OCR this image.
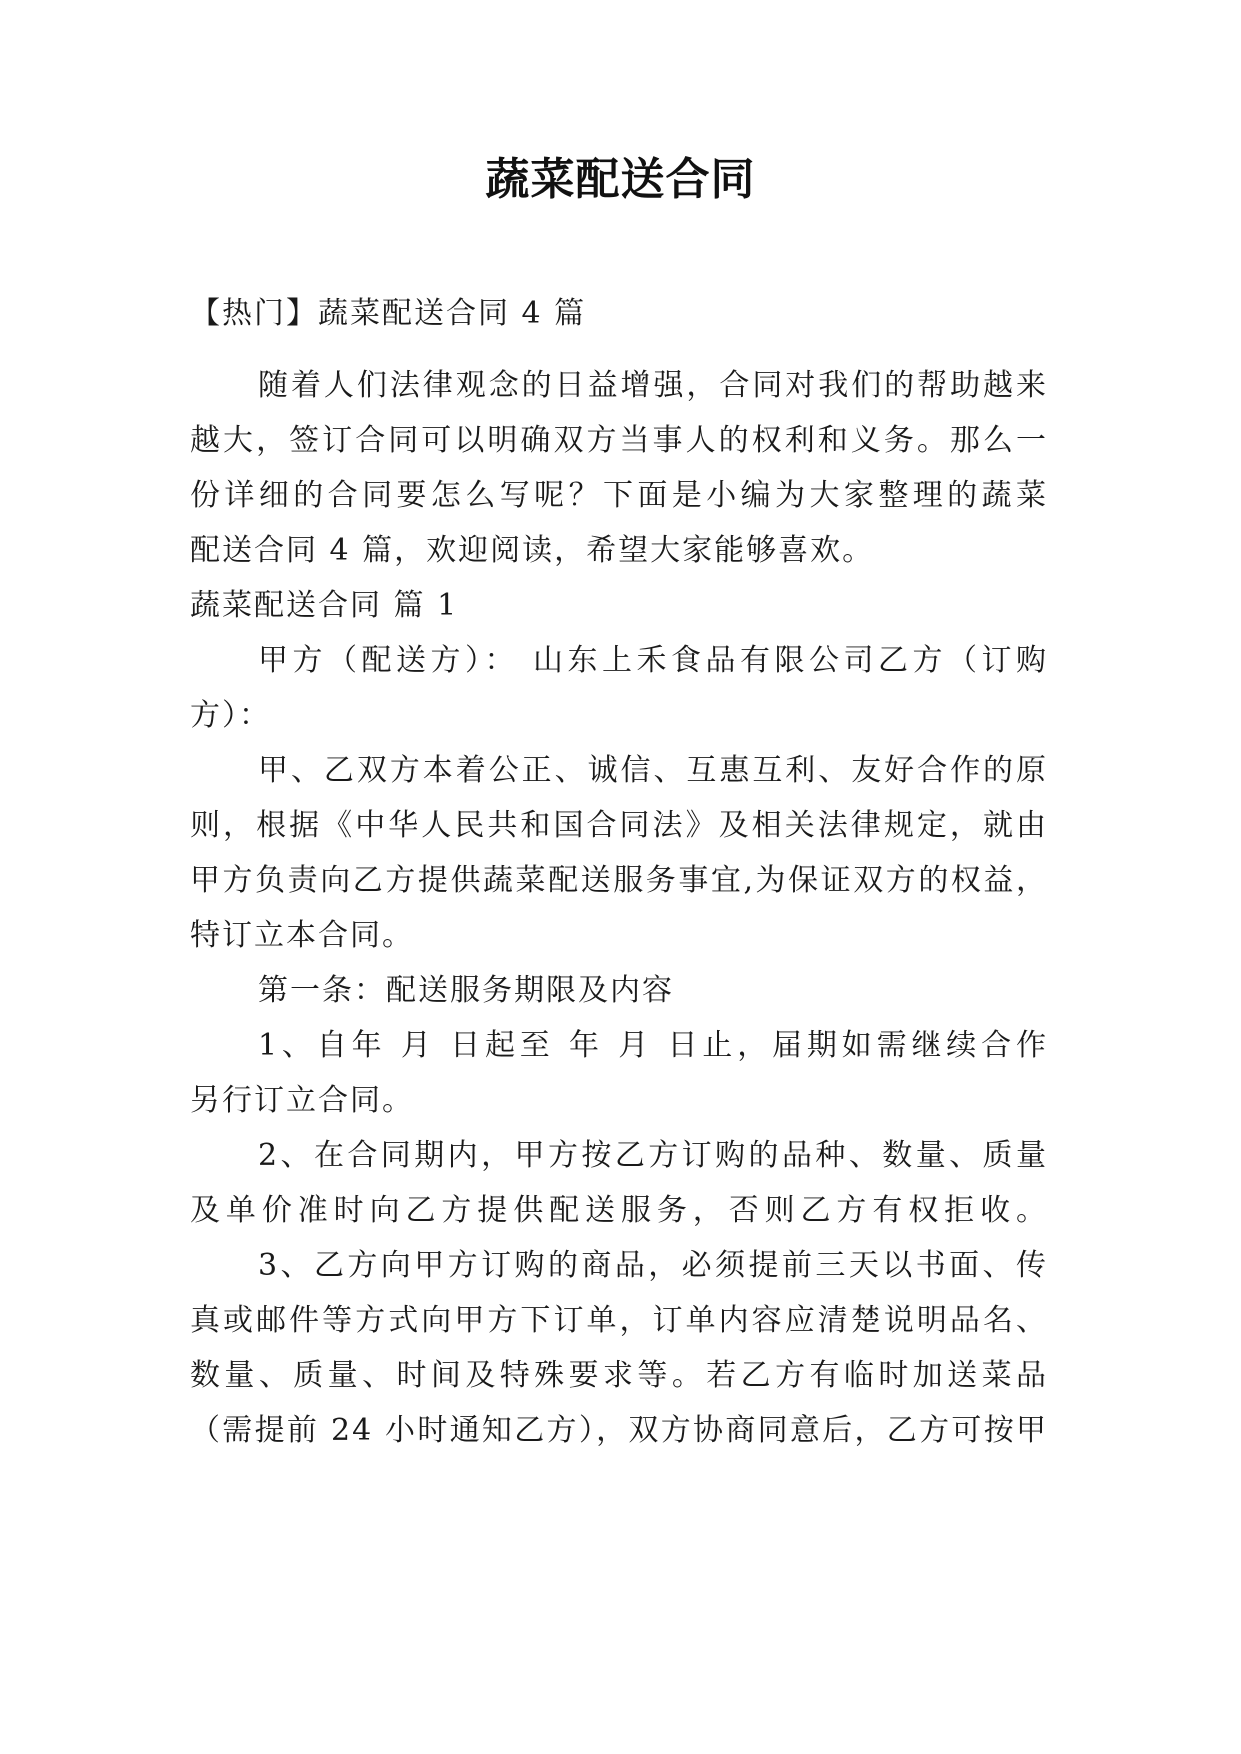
蔬菜配送合同
【热门】蔬菜配送合同 4 篇
随着人们法律观念的日益增强，合同对我们的帮助越来
越大，签订合同可以明确双方当事人的权利和义务。那么一
份详细的合同要怎么写呢？下面是小编为大家整理的蔬菜
配送合同 4 篇，欢迎阅读，希望大家能够喜欢。
蔬菜配送合同 篇 1
甲方（配送方）： 山东上禾食品有限公司乙方（订购
方）：
甲、乙双方本着公正、诚信、互惠互利、友好合作的原
则，根据《中华人民共和国合同法》及相关法律规定，就由
甲方负责向乙方提供蔬菜配送服务事宜,为保证双方的权益，
特订立本合同。
第一条：配送服务期限及内容
1、自年 月 日起至 年 月 日止，届期如需继续合作
另行订立合同。
2、在合同期内，甲方按乙方订购的品种、数量、质量
及单价准时向乙方提供配送服务，否则乙方有权拒收。
3、乙方向甲方订购的商品，必须提前三天以书面、传
真或邮件等方式向甲方下订单，订单内容应清楚说明品名、
数量、质量、时间及特殊要求等。若乙方有临时加送菜品
（需提前 24 小时通知乙方），双方协商同意后，乙方可按甲
